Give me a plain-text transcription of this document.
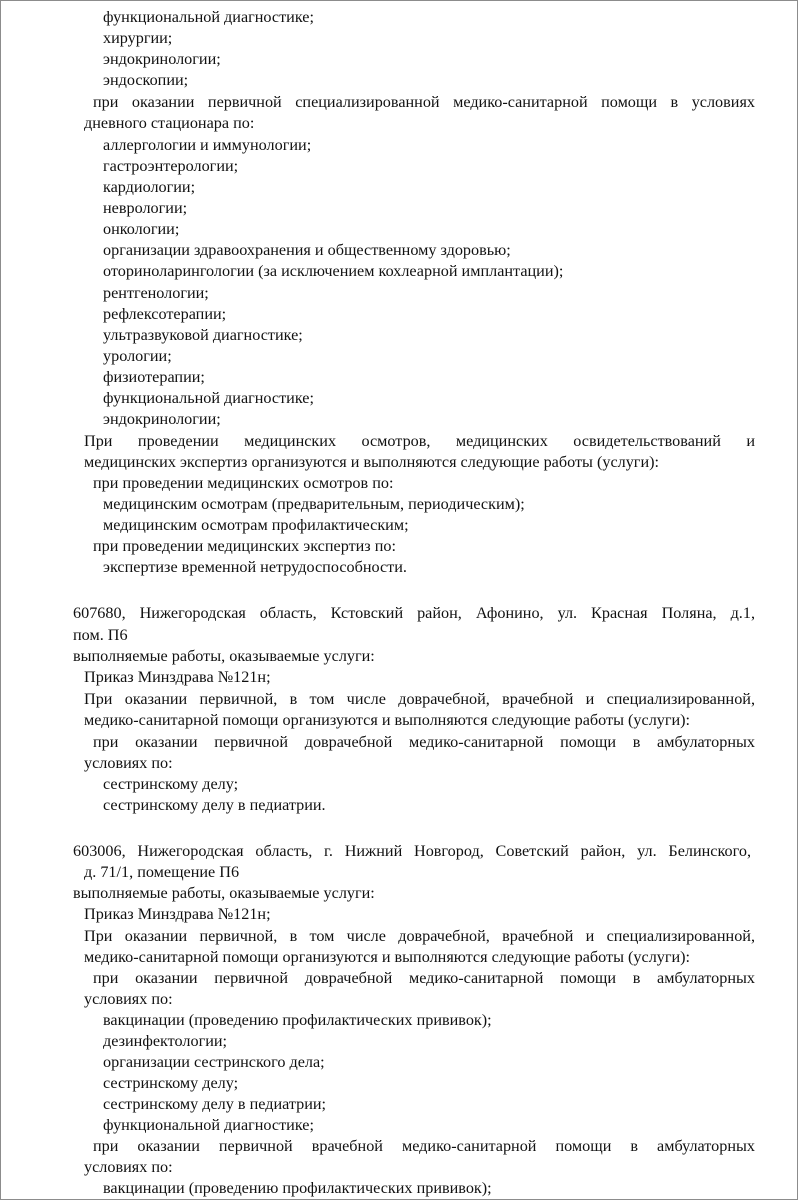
функциональной диагностике;
хирургии;
эндокринологии;
эндоскопии;
при оказании первичной специализированной медико-санитарной помощи в условиях
дневного стационара по:
аллергологии и иммунологии;
гастроэнтерологии;
кардиологии;
неврологии;
онкологии;
организации здравоохранения и общественному здоровью;
оториноларингологии (за исключением кохлеарной имплантации);
рентгенологии;
рефлексотерапии;
ультразвуковой диагностике;
урологии;
физиотерапии;
функциональной диагностике;
эндокринологии;
При проведении медицинских осмотров, медицинских освидетельствований и
медицинских экспертиз организуются и выполняются следующие работы (услуги):
при проведении медицинских осмотров по:
медицинским осмотрам (предварительным, периодическим);
медицинским осмотрам профилактическим;
при проведении медицинских экспертиз по:
экспертизе временной нетрудоспособности.
607680, Нижегородская область, Кстовский район, Афонино, ул. Красная Поляна, д.1,
пом. П6
выполняемые работы, оказываемые услуги:
Приказ Минздрава №121н;
При оказании первичной, в том числе доврачебной, врачебной и специализированной,
медико-санитарной помощи организуются и выполняются следующие работы (услуги):
при оказании первичной доврачебной медико-санитарной помощи в амбулаторных
условиях по:
сестринскому делу;
сестринскому делу в педиатрии.
603006, Нижегородская область, г. Нижний Новгород, Советский район, ул. Белинского,
д. 71/1, помещение П6
выполняемые работы, оказываемые услуги:
Приказ Минздрава №121н;
При оказании первичной, в том числе доврачебной, врачебной и специализированной,
медико-санитарной помощи организуются и выполняются следующие работы (услуги):
при оказании первичной доврачебной медико-санитарной помощи в амбулаторных
условиях по:
вакцинации (проведению профилактических прививок);
дезинфектологии;
организации сестринского дела;
сестринскому делу;
сестринскому делу в педиатрии;
функциональной диагностике;
при оказании первичной врачебной медико-санитарной помощи в амбулаторных
условиях по:
вакцинации (проведению профилактических прививок);
